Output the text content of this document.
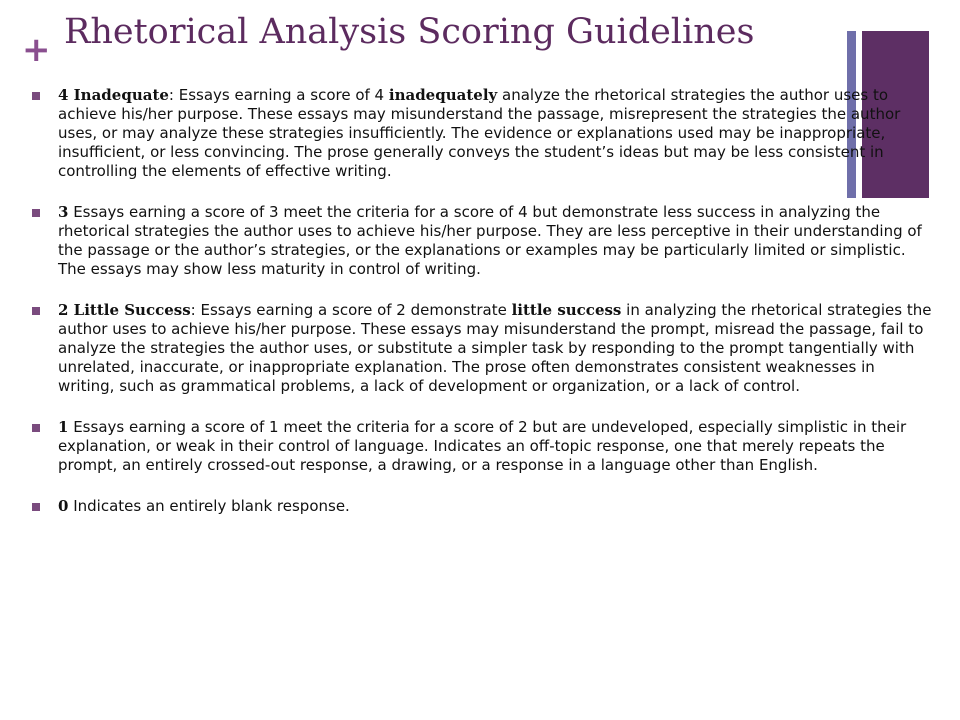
+ Rhetorical Analysis Scoring Guidelines
4 Inadequate: Essays earning a score of 4 inadequately analyze the rhetorical strategies the author uses to achieve his/her purpose. These essays may misunderstand the passage, misrepresent the strategies the author uses, or may analyze these strategies insufficiently. The evidence or explanations used may be inappropriate, insufficient, or less convincing. The prose generally conveys the student’s ideas but may be less consistent in controlling the elements of effective writing.
3 Essays earning a score of 3 meet the criteria for a score of 4 but demonstrate less success in analyzing the rhetorical strategies the author uses to achieve his/her purpose. They are less perceptive in their understanding of the passage or the author’s strategies, or the explanations or examples may be particularly limited or simplistic. The essays may show less maturity in control of writing.
2 Little Success: Essays earning a score of 2 demonstrate little success in analyzing the rhetorical strategies the author uses to achieve his/her purpose. These essays may misunderstand the prompt, misread the passage, fail to analyze the strategies the author uses, or substitute a simpler task by responding to the prompt tangentially with unrelated, inaccurate, or inappropriate explanation. The prose often demonstrates consistent weaknesses in writing, such as grammatical problems, a lack of development or organization, or a lack of control.
1 Essays earning a score of 1 meet the criteria for a score of 2 but are undeveloped, especially simplistic in their explanation, or weak in their control of language. Indicates an off-topic response, one that merely repeats the prompt, an entirely crossed-out response, a drawing, or a response in a language other than English.
0 Indicates an entirely blank response.
